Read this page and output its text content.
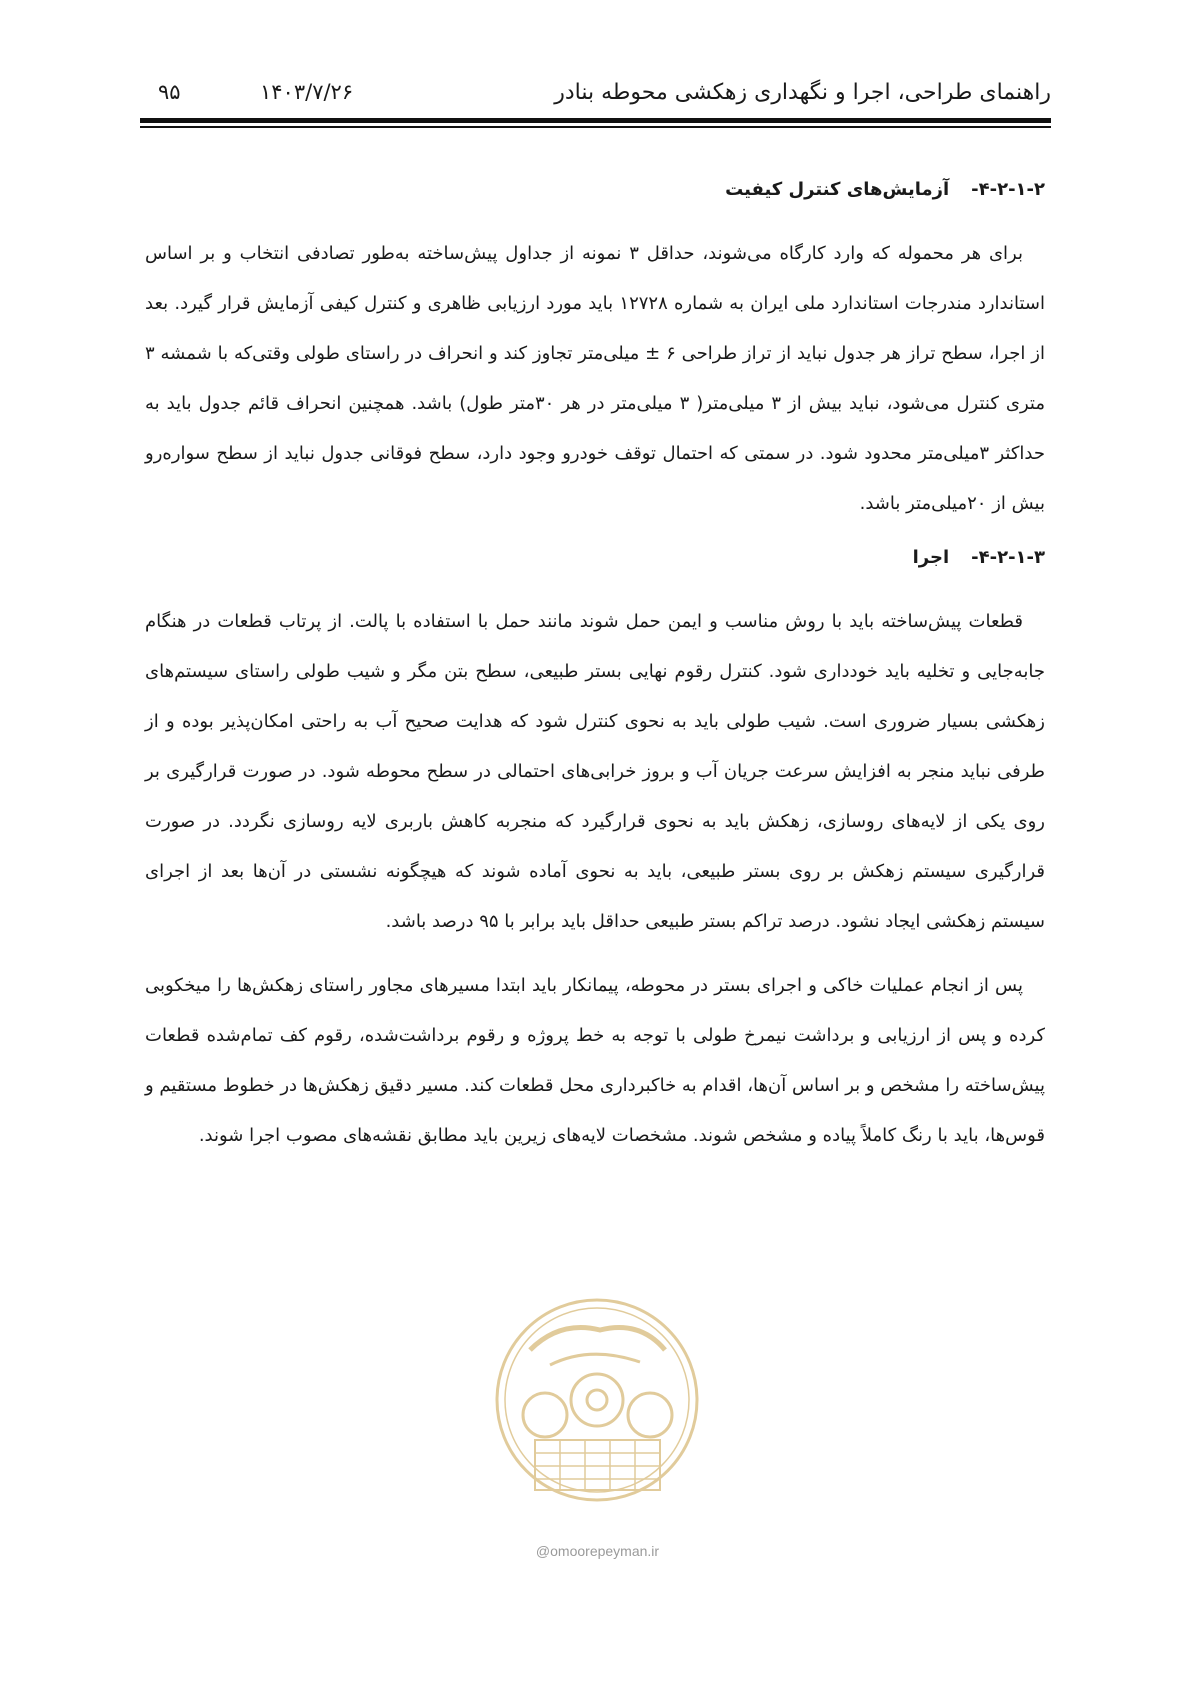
راهنمای طراحی، اجرا و نگهداری زهکشی محوطه بنادر
۱۴۰۳/۷/۲۶
۹۵
۴-۲-۱-۲-آزمایش‌های کنترل کیفیت

برای هر محموله که وارد کارگاه می‌شوند، حداقل ۳ نمونه از جداول پیش‌ساخته به‌طور تصادفی انتخاب و بر اساس استاندارد مندرجات استاندارد ملی ایران به شماره ۱۲۷۲۸ باید مورد ارزیابی ظاهری و کنترل کیفی آزمایش قرار گیرد. بعد از اجرا، سطح تراز هر جدول نباید از تراز طراحی ۶ ± میلی‌متر تجاوز کند و انحراف در راستای طولی وقتی‌که با شمشه ۳ متری کنترل می‌شود، نباید بیش از ۳ میلی‌متر( ۳ میلی‌متر در هر ۳۰متر طول) باشد. همچنین انحراف قائم جدول باید به حداکثر ۳میلی‌متر محدود شود. در سمتی که احتمال توقف خودرو وجود دارد، سطح فوقانی جدول نباید از سطح سواره‌رو بیش از ۲۰میلی‌متر باشد.

۴-۲-۱-۳-اجرا

قطعات پیش‌ساخته باید با روش مناسب و ایمن حمل شوند مانند حمل با استفاده با پالت. از پرتاب قطعات در هنگام جابه‌جایی و تخلیه باید خودداری شود. کنترل رقوم نهایی بستر طبیعی، سطح بتن مگر و شیب طولی راستای سیستم‌های زهکشی بسیار ضروری است. شیب طولی باید به نحوی کنترل شود که هدایت صحیح آب به راحتی امکان‌پذیر بوده و از طرفی نباید منجر به افزایش سرعت جریان آب و بروز خرابی‌های احتمالی در سطح محوطه شود. در صورت قرارگیری بر روی یکی از لایه‌های روسازی، زهکش باید به نحوی قرارگیرد که منجربه کاهش باربری لایه روسازی نگردد. در صورت قرارگیری سیستم زهکش بر روی بستر طبیعی، باید به نحوی آماده شوند که هیچگونه نشستی در آن‌ها بعد از اجرای سیستم زهکشی ایجاد نشود. درصد تراکم بستر طبیعی حداقل باید برابر با ۹۵ درصد باشد.

پس از انجام عملیات خاکی و اجرای بستر در محوطه، پیمانکار باید ابتدا مسیرهای مجاور راستای زهکش‌ها را میخکوبی کرده و پس از ارزیابی و برداشت نیمرخ طولی با توجه به خط پروژه و رقوم برداشت‌شده، رقوم کف تمام‌شده قطعات پیش‌ساخته را مشخص و بر اساس آن‌ها، اقدام به خاکبرداری محل قطعات کند. مسیر دقیق زهکش‌ها در خطوط مستقیم و قوس‌ها، باید با رنگ کاملاً پیاده و مشخص شوند. مشخصات لایه‌های زیرین باید مطابق نقشه‌های مصوب اجرا شوند.

@omoorepeyman.ir
